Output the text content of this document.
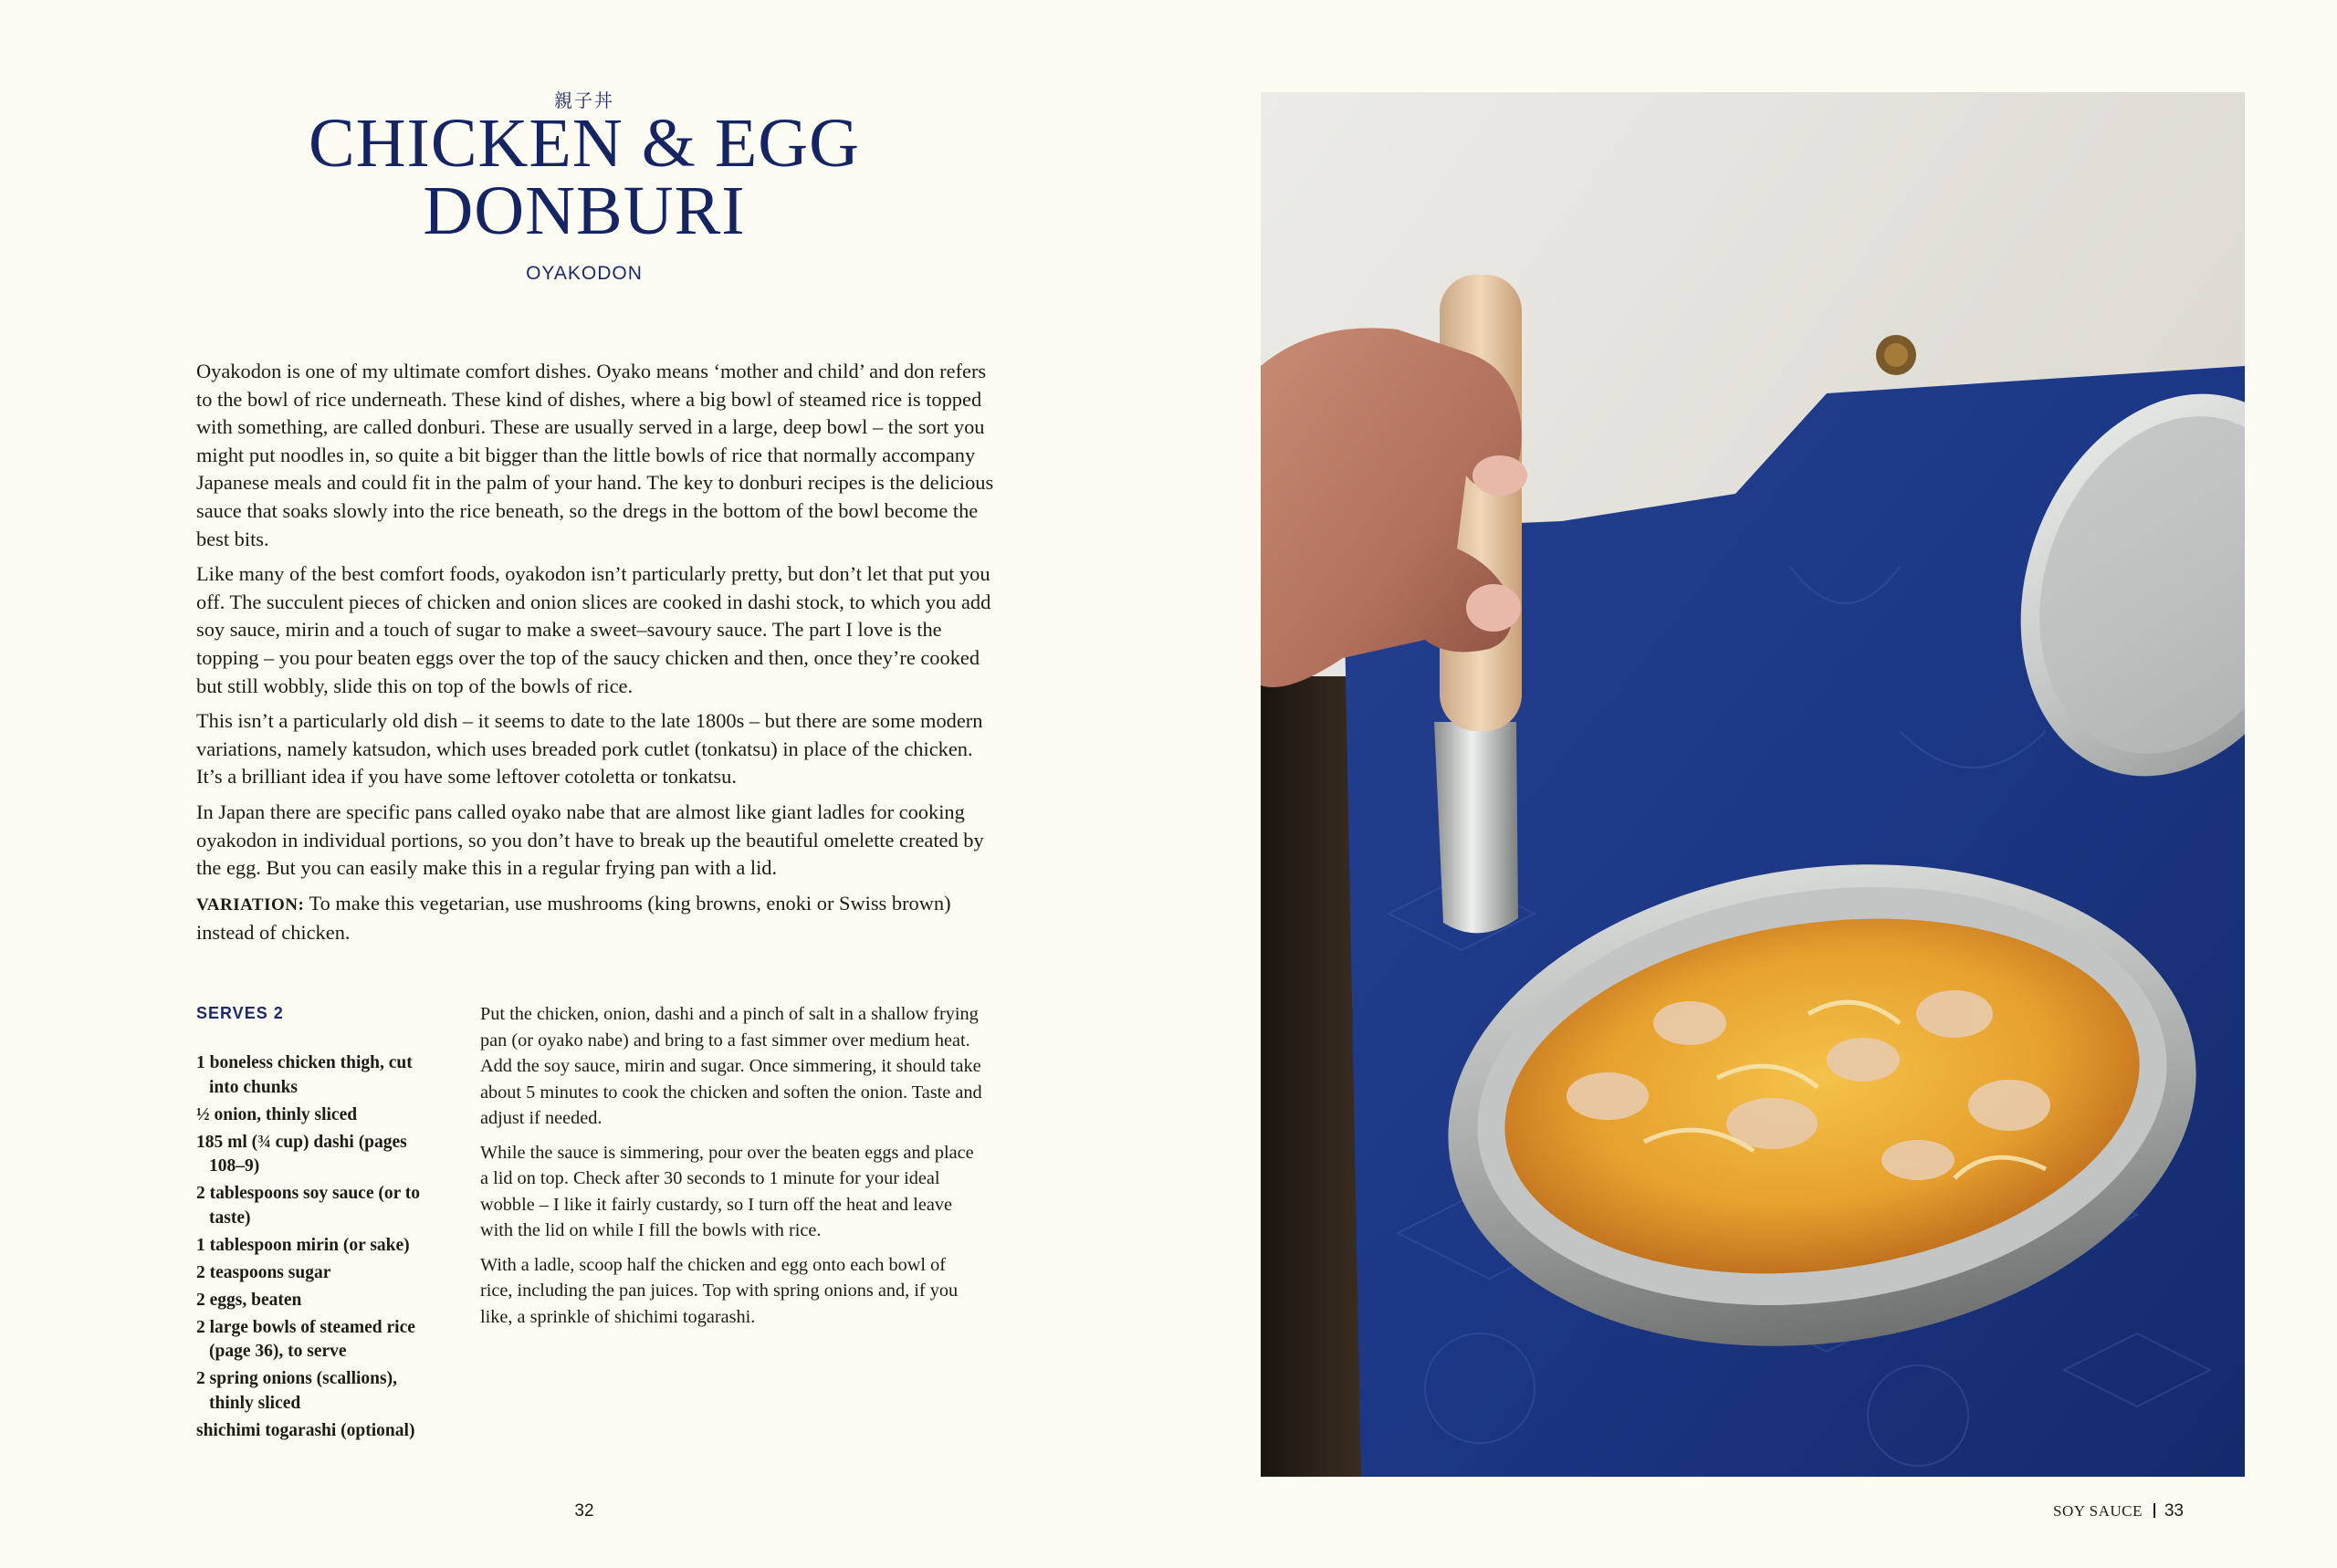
親子丼
CHICKEN & EGG
DONBURI
OYAKODON

Oyakodon is one of my ultimate comfort dishes. Oyako means ‘mother and child’ and don refers to the bowl of rice underneath. These kind of dishes, where a big bowl of steamed rice is topped with something, are called donburi. These are usually served in a large, deep bowl – the sort you might put noodles in, so quite a bit bigger than the little bowls of rice that normally accompany Japanese meals and could fit in the palm of your hand. The key to donburi recipes is the delicious sauce that soaks slowly into the rice beneath, so the dregs in the bottom of the bowl become the best bits.

Like many of the best comfort foods, oyakodon isn’t particularly pretty, but don’t let that put you off. The succulent pieces of chicken and onion slices are cooked in dashi stock, to which you add soy sauce, mirin and a touch of sugar to make a sweet–savoury sauce. The part I love is the topping – you pour beaten eggs over the top of the saucy chicken and then, once they’re cooked but still wobbly, slide this on top of the bowls of rice.

This isn’t a particularly old dish – it seems to date to the late 1800s – but there are some modern variations, namely katsudon, which uses breaded pork cutlet (tonkatsu) in place of the chicken. It’s a brilliant idea if you have some leftover cotoletta or tonkatsu.

In Japan there are specific pans called oyako nabe that are almost like giant ladles for cooking oyakodon in individual portions, so you don’t have to break up the beautiful omelette created by the egg. But you can easily make this in a regular frying pan with a lid.

VARIATION: To make this vegetarian, use mushrooms (king browns, enoki or Swiss brown) instead of chicken.

SERVES 2
1 boneless chicken thigh, cut into chunks
½ onion, thinly sliced
185 ml (¾ cup) dashi (pages 108–9)
2 tablespoons soy sauce (or to taste)
1 tablespoon mirin (or sake)
2 teaspoons sugar
2 eggs, beaten
2 large bowls of steamed rice (page 36), to serve
2 spring onions (scallions), thinly sliced
shichimi togarashi (optional)

Put the chicken, onion, dashi and a pinch of salt in a shallow frying pan (or oyako nabe) and bring to a fast simmer over medium heat. Add the soy sauce, mirin and sugar. Once simmering, it should take about 5 minutes to cook the chicken and soften the onion. Taste and adjust if needed.

While the sauce is simmering, pour over the beaten eggs and place a lid on top. Check after 30 seconds to 1 minute for your ideal wobble – I like it fairly custardy, so I turn off the heat and leave with the lid on while I fill the bowls with rice.

With a ladle, scoop half the chicken and egg onto each bowl of rice, including the pan juices. Top with spring onions and, if you like, a sprinkle of shichimi togarashi.

32	SOY SAUCE 33
